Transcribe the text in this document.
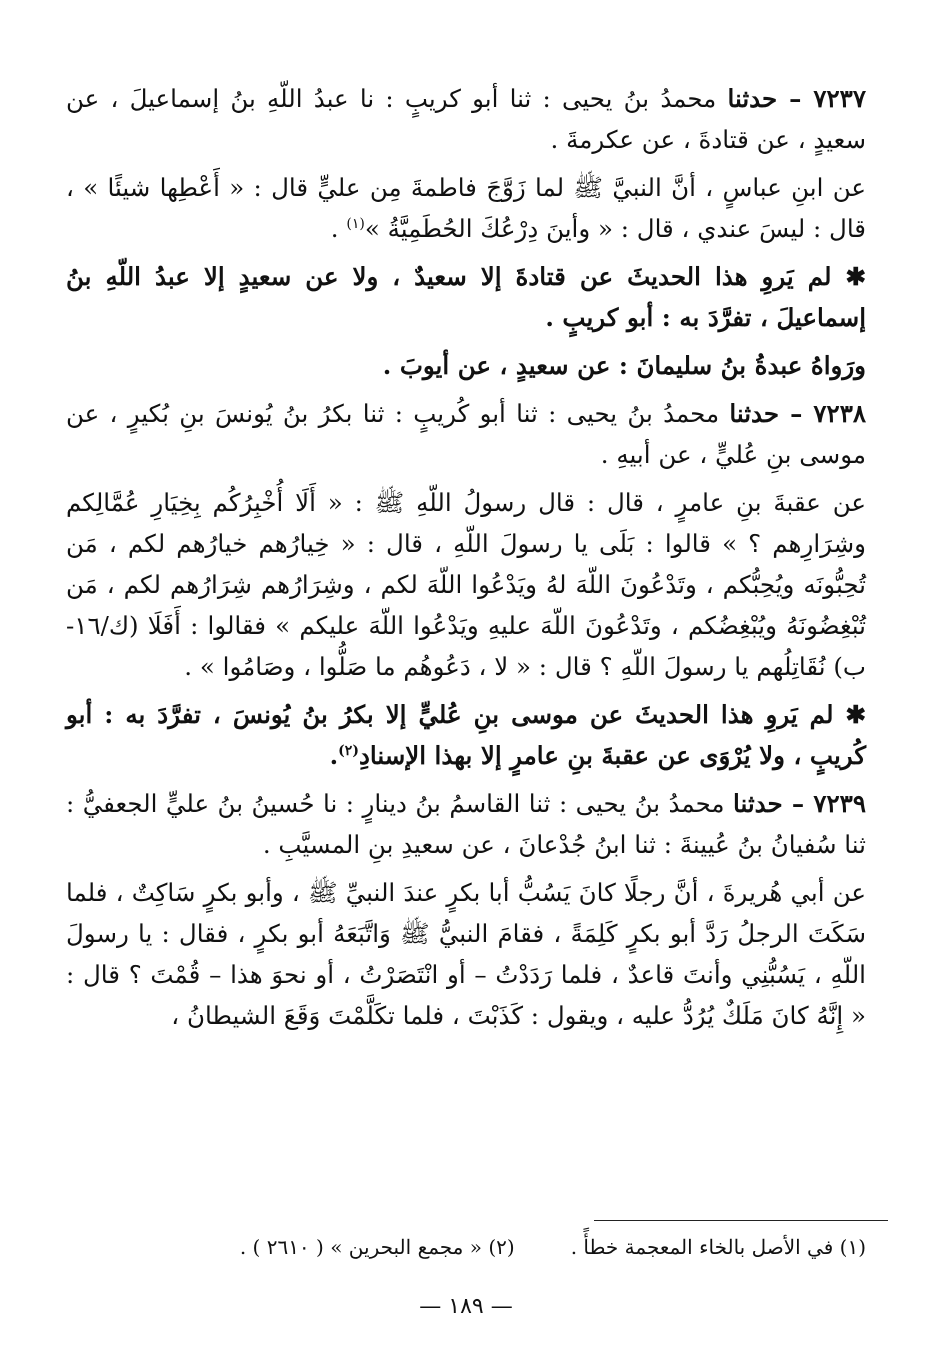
٧٢٣٧ – حدثنا محمدُ بنُ يحيى : ثنا أبو كريبٍ : نا عبدُ اللّهِ بنُ إسماعيلَ ، عن سعيدٍ ، عن قتادةَ ، عن عكرمةَ .

عن ابنِ عباسٍ ، أنَّ النبيَّ ﷺ لما زَوَّجَ فاطمةَ مِن عليٍّ قال : « أَعْطِها شيئًا » ، قال : ليسَ عندي ، قال : « وأينَ دِرْعُكَ الحُطَمِيَّةُ »$^{(١)}$ .

✱ لم يَروِ هذا الحديثَ عن قتادةَ إلا سعيدٌ ، ولا عن سعيدٍ إلا عبدُ اللّهِ بنُ إسماعيلَ ، تفرَّدَ به : أبو كريبٍ .

ورَواهُ عبدةُ بنُ سليمانَ : عن سعيدٍ ، عن أيوبَ .

٧٢٣٨ – حدثنا محمدُ بنُ يحيى : ثنا أبو كُريبٍ : ثنا بكرُ بنُ يُونسَ بنِ بُكيرٍ ، عن موسى بنِ عُليٍّ ، عن أبيهِ .

عن عقبةَ بنِ عامرٍ ، قال : قال رسولُ اللّهِ ﷺ : « أَلَا أُخْبِرُكُم بِخِيَارِ عُمَّالِكم وشِرَارِهم ؟ » قالوا : بَلَى يا رسولَ اللّهِ ، قال : « خِيارُهم خيارُهم لكم ، مَن تُحِبُّونَه ويُحِبُّكم ، وتَدْعُونَ اللّهَ لهُ ويَدْعُوا اللّهَ لكم ، وشِرَارُهم شِرَارُهم لكم ، مَن تُبْغِضُونَهُ ويُبْغِضُكم ، وتَدْعُونَ اللّهَ عليهِ ويَدْعُوا اللّهَ عليكم » فقالوا : أَفَلَا (ك/١٦-ب) نُقَاتِلُهم يا رسولَ اللّهِ ؟ قال : « لا ، دَعُوهُم ما صَلُّوا ، وصَامُوا » .

✱ لم يَروِ هذا الحديثَ عن موسى بنِ عُليٍّ إلا بكرُ بنُ يُونسَ ، تفرَّدَ به : أبو كُريبٍ ، ولا يُرْوَى عن عقبةَ بنِ عامرٍ إلا بهذا الإسنادِ$^{(٢)}$.

٧٢٣٩ – حدثنا محمدُ بنُ يحيى : ثنا القاسمُ بنُ دينارٍ : نا حُسينُ بنُ عليٍّ الجعفيُّ : ثنا سُفيانُ بنُ عُيينةَ : ثنا ابنُ جُدْعانَ ، عن سعيدِ بنِ المسيَّبِ .

عن أبي هُريرةَ ، أنَّ رجلًا كانَ يَسُبُّ أبا بكرٍ عندَ النبيِّ ﷺ ، وأبو بكرٍ سَاكِتٌ ، فلما سَكَتَ الرجلُ رَدَّ أبو بكرٍ كَلِمَةً ، فقامَ النبيُّ ﷺ وَاتَّبَعَهُ أبو بكرٍ ، فقال : يا رسولَ اللّهِ ، يَسُبُّنِي وأنتَ قاعدٌ ، فلما رَدَدْتُ – أو انْتَصَرْتُ ، أو نحوَ هذا – قُمْتَ ؟ قال : « إِنَّهُ كانَ مَلَكٌ يُرُدُّ عليه ، ويقول : كَذَبْتَ ، فلما تكَلَّمْتَ وَقَعَ الشيطانُ ،

(١) في الأصل بالخاء المعجمة خطأً .
(٢) « مجمع البحرين » ( ٢٦١٠ ) .
— ١٨٩ —
